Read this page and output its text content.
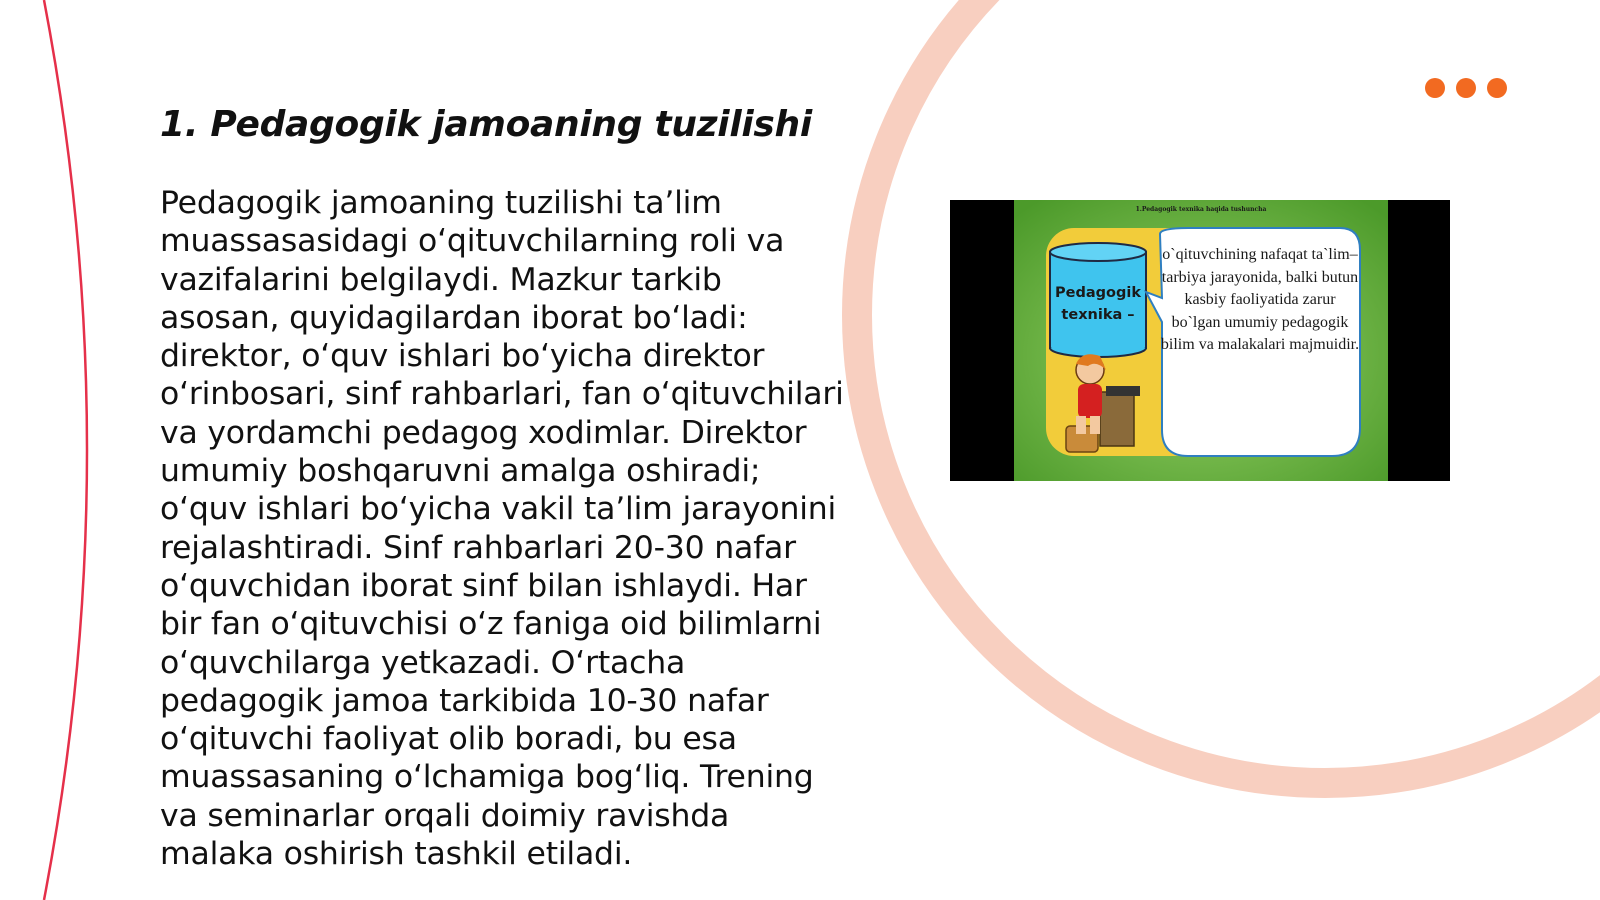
1. Pedagogik jamoaning tuzilishi

Pedagogik jamoaning tuzilishi ta’lim muassasasidagi o‘qituvchilarning roli va vazifalarini belgilaydi. Mazkur tarkib asosan, quyidagilardan iborat bo‘ladi: direktor, o‘quv ishlari bo‘yicha direktor o‘rinbosari, sinf rahbarlari, fan o‘qituvchilari va yordamchi pedagog xodimlar. Direktor umumiy boshqaruvni amalga oshiradi; o‘quv ishlari bo‘yicha vakil ta’lim jarayonini rejalashtiradi. Sinf rahbarlari 20-30 nafar o‘quvchidan iborat sinf bilan ishlaydi. Har bir fan o‘qituvchisi o‘z faniga oid bilimlarni o‘quvchilarga yetkazadi. O‘rtacha pedagogik jamoa tarkibida 10-30 nafar o‘qituvchi faoliyat olib boradi, bu esa muassasaning o‘lchamiga bog‘liq. Trening va seminarlar orqali doimiy ravishda malaka oshirish tashkil etiladi.

1.Pedagogik texnika haqida tushuncha
Pedagogik texnika –
o`qituvchining nafaqat ta`lim–tarbiya jarayonida, balki butun kasbiy faoliyatida zarur bo`lgan umumiy pedagogik bilim va malakalari majmuidir.
